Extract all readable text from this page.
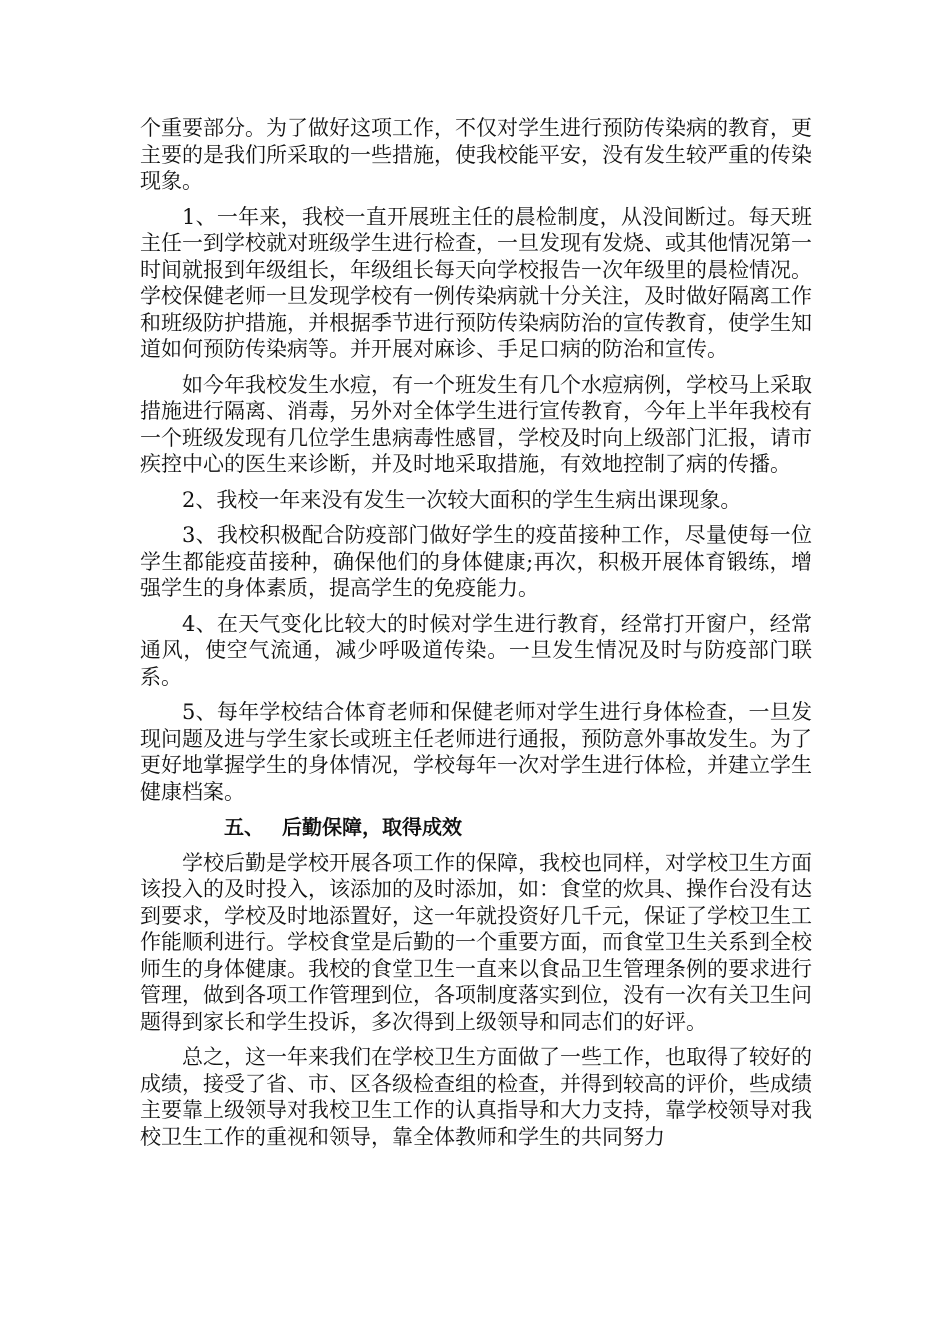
个重要部分。为了做好这项工作，不仅对学生进行预防传染病的教育，更主要的是我们所采取的一些措施，使我校能平安，没有发生较严重的传染现象。

1、一年来，我校一直开展班主任的晨检制度，从没间断过。每天班主任一到学校就对班级学生进行检查，一旦发现有发烧、或其他情况第一时间就报到年级组长，年级组长每天向学校报告一次年级里的晨检情况。学校保健老师一旦发现学校有一例传染病就十分关注，及时做好隔离工作和班级防护措施，并根据季节进行预防传染病防治的宣传教育，使学生知道如何预防传染病等。并开展对麻诊、手足口病的防治和宣传。

如今年我校发生水痘，有一个班发生有几个水痘病例，学校马上采取措施进行隔离、消毒，另外对全体学生进行宣传教育，今年上半年我校有一个班级发现有几位学生患病毒性感冒，学校及时向上级部门汇报，请市疾控中心的医生来诊断，并及时地采取措施，有效地控制了病的传播。

2、我校一年来没有发生一次较大面积的学生生病出课现象。

3、我校积极配合防疫部门做好学生的疫苗接种工作，尽量使每一位学生都能疫苗接种，确保他们的身体健康;再次，积极开展体育锻练，增强学生的身体素质，提高学生的免疫能力。

4、在天气变化比较大的时候对学生进行教育，经常打开窗户，经常通风，使空气流通，减少呼吸道传染。一旦发生情况及时与防疫部门联系。

5、每年学校结合体育老师和保健老师对学生进行身体检查，一旦发现问题及进与学生家长或班主任老师进行通报，预防意外事故发生。为了更好地掌握学生的身体情况，学校每年一次对学生进行体检，并建立学生健康档案。

五、 后勤保障，取得成效

学校后勤是学校开展各项工作的保障，我校也同样，对学校卫生方面该投入的及时投入，该添加的及时添加，如：食堂的炊具、操作台没有达到要求，学校及时地添置好，这一年就投资好几千元，保证了学校卫生工作能顺利进行。学校食堂是后勤的一个重要方面，而食堂卫生关系到全校师生的身体健康。我校的食堂卫生一直来以食品卫生管理条例的要求进行管理，做到各项工作管理到位，各项制度落实到位，没有一次有关卫生问题得到家长和学生投诉，多次得到上级领导和同志们的好评。

总之，这一年来我们在学校卫生方面做了一些工作，也取得了较好的成绩，接受了省、市、区各级检查组的检查，并得到较高的评价，些成绩主要靠上级领导对我校卫生工作的认真指导和大力支持，靠学校领导对我校卫生工作的重视和领导，靠全体教师和学生的共同努力
